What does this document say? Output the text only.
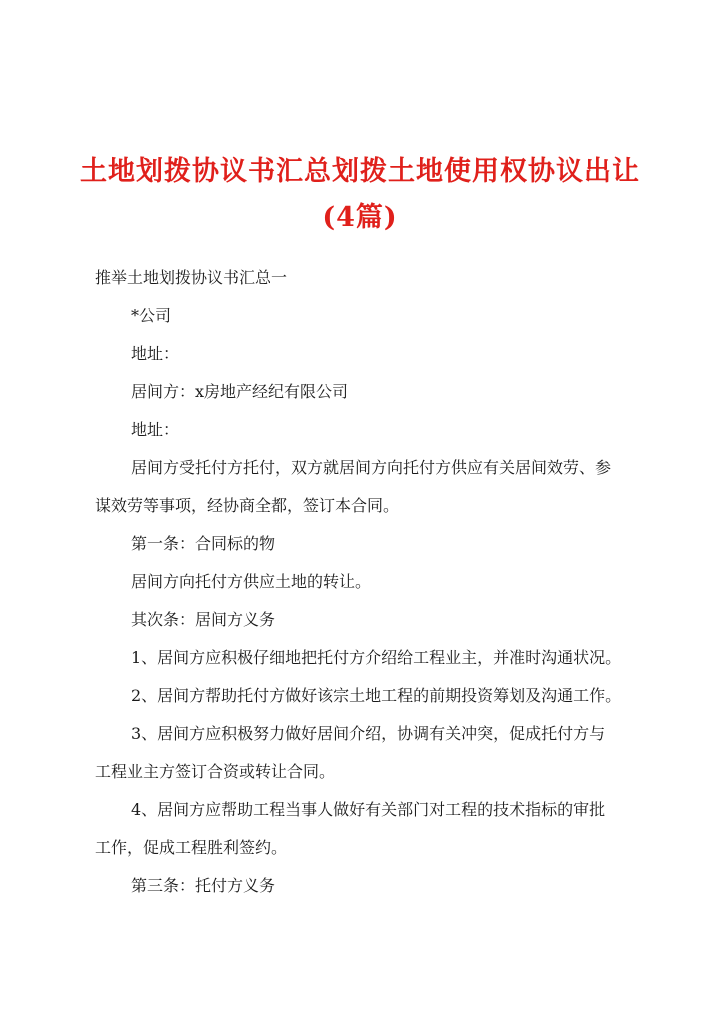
土地划拨协议书汇总划拨土地使用权协议出让
(4篇)

推举土地划拨协议书汇总一

*公司

地址：

居间方：x房地产经纪有限公司

地址：

居间方受托付方托付，双方就居间方向托付方供应有关居间效劳、参

谋效劳等事项，经协商全都，签订本合同。

第一条：合同标的物

居间方向托付方供应土地的转让。

其次条：居间方义务

1、居间方应积极仔细地把托付方介绍给工程业主，并准时沟通状况。

2、居间方帮助托付方做好该宗土地工程的前期投资筹划及沟通工作。

3、居间方应积极努力做好居间介绍，协调有关冲突，促成托付方与

工程业主方签订合资或转让合同。

4、居间方应帮助工程当事人做好有关部门对工程的技术指标的审批

工作，促成工程胜利签约。

第三条：托付方义务
